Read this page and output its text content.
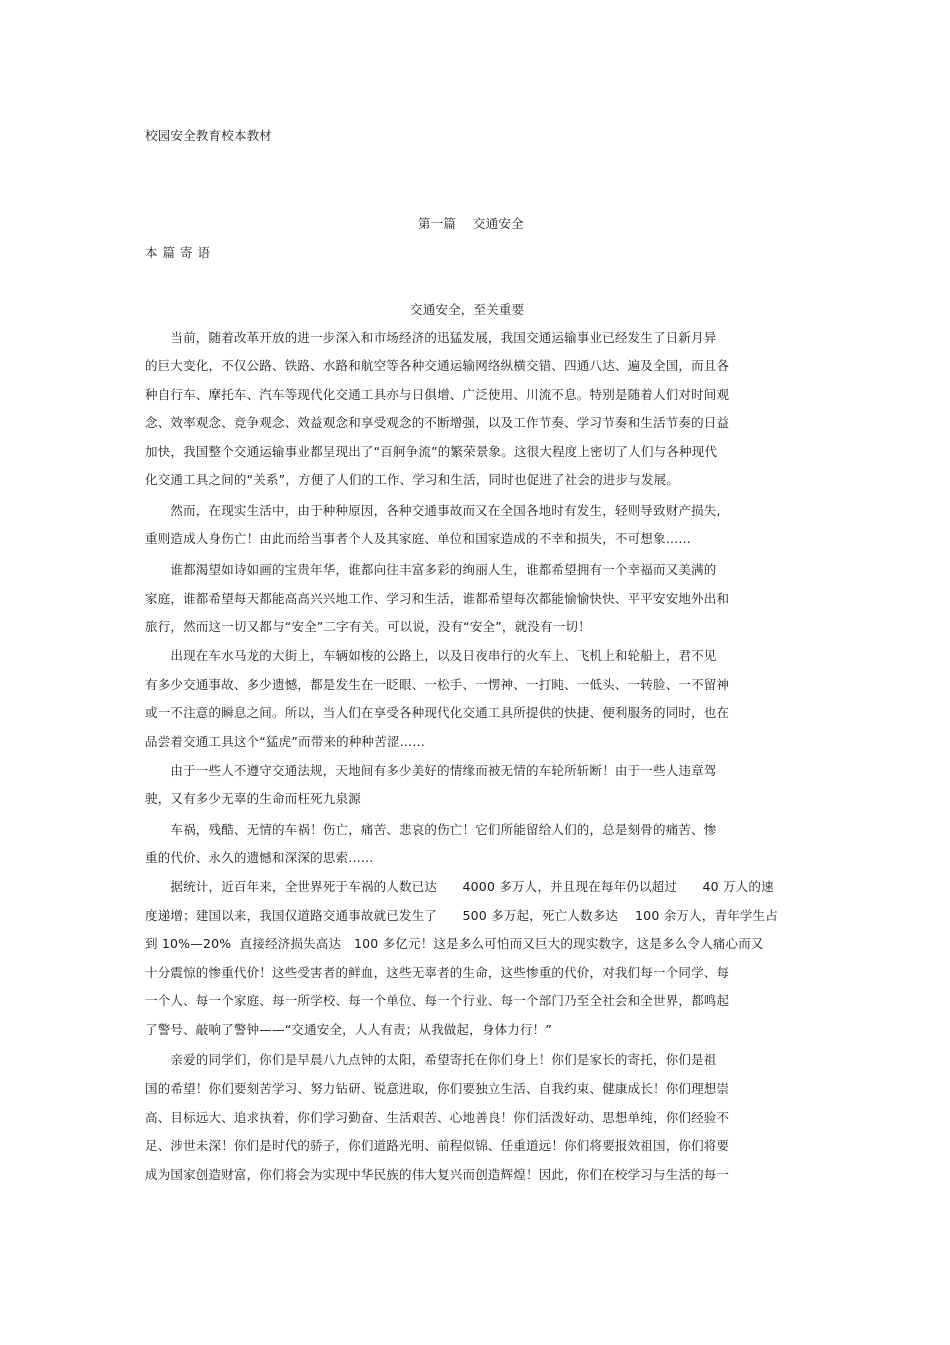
校园安全教育校本教材
第一篇　 交通安全
本篇寄语
交通安全，至关重要
　　当前，随着改革开放的进一步深入和市场经济的迅猛发展，我国交通运输事业已经发生了日新月异
的巨大变化，不仅公路、铁路、水路和航空等各种交通运输网络纵横交错、四通八达、遍及全国，而且各
种自行车、摩托车、汽车等现代化交通工具亦与日俱增、广泛使用、川流不息。特别是随着人们对时间观
念、效率观念、竞争观念、效益观念和享受观念的不断增强，以及工作节奏、学习节奏和生活节奏的日益
加快，我国整个交通运输事业都呈现出了“百舸争流”的繁荣景象。这很大程度上密切了人们与各种现代
化交通工具之间的“关系”，方便了人们的工作、学习和生活，同时也促进了社会的进步与发展。
　　然而，在现实生活中，由于种种原因，各种交通事故而又在全国各地时有发生，轻则导致财产损失,
重则造成人身伤亡！由此而给当事者个人及其家庭、单位和国家造成的不幸和损失，不可想象……
　　谁都渴望如诗如画的宝贵年华，谁都向往丰富多彩的绚丽人生，谁都希望拥有一个幸福而又美满的
家庭，谁都希望每天都能高高兴兴地工作、学习和生活，谁都希望每次都能愉愉快快、平平安安地外出和
旅行，然而这一切又都与“安全”二字有关。可以说，没有“安全”，就没有一切！
　　出现在车水马龙的大街上，车辆如梭的公路上，以及日夜串行的火车上、飞机上和轮船上，君不见
有多少交通事故、多少遗憾，都是发生在一眨眼、一松手、一愣神、一打盹、一低头、一转脸、一不留神
或一不注意的瞬息之间。所以，当人们在享受各种现代化交通工具所提供的快捷、便利服务的同时，也在
品尝着交通工具这个“猛虎”而带来的种种苦涩……
　　由于一些人不遵守交通法规，天地间有多少美好的情缘而被无情的车轮所斩断！由于一些人违章驾
驶，又有多少无辜的生命而枉死九泉源
　　车祸，残酷、无情的车祸！伤亡，痛苦、悲哀的伤亡！它们所能留给人们的，总是刻骨的痛苦、惨
重的代价、永久的遗憾和深深的思索……
　　据统计，近百年来，全世界死于车祸的人数已达　　4000 多万人，并且现在每年仍以超过　　40 万人的速
度递增；建国以来，我国仅道路交通事故就已发生了　　500 多万起，死亡人数多达　 100 余万人，青年学生占
到 10%—20%  直接经济损失高达　100 多亿元！这是多么可怕而又巨大的现实数字，这是多么令人痛心而又
十分震惊的惨重代价！这些受害者的鲜血，这些无辜者的生命，这些惨重的代价，对我们每一个同学、每
一个人、每一个家庭、每一所学校、每一个单位、每一个行业、每一个部门乃至全社会和全世界，都鸣起
了警号、敲响了警钟——“交通安全，人人有责；从我做起，身体力行！”
　　亲爱的同学们，你们是早晨八九点钟的太阳，希望寄托在你们身上！你们是家长的寄托，你们是祖
国的希望！你们要刻苦学习、努力钻研、锐意进取，你们要独立生活、自我约束、健康成长！你们理想崇
高、目标远大、追求执着，你们学习勤奋、生活艰苦、心地善良！你们活泼好动、思想单纯，你们经验不
足、涉世未深！你们是时代的骄子，你们道路光明、前程似锦、任重道远！你们将要报效祖国，你们将要
成为国家创造财富，你们将会为实现中华民族的伟大复兴而创造辉煌！因此，你们在校学习与生活的每一
